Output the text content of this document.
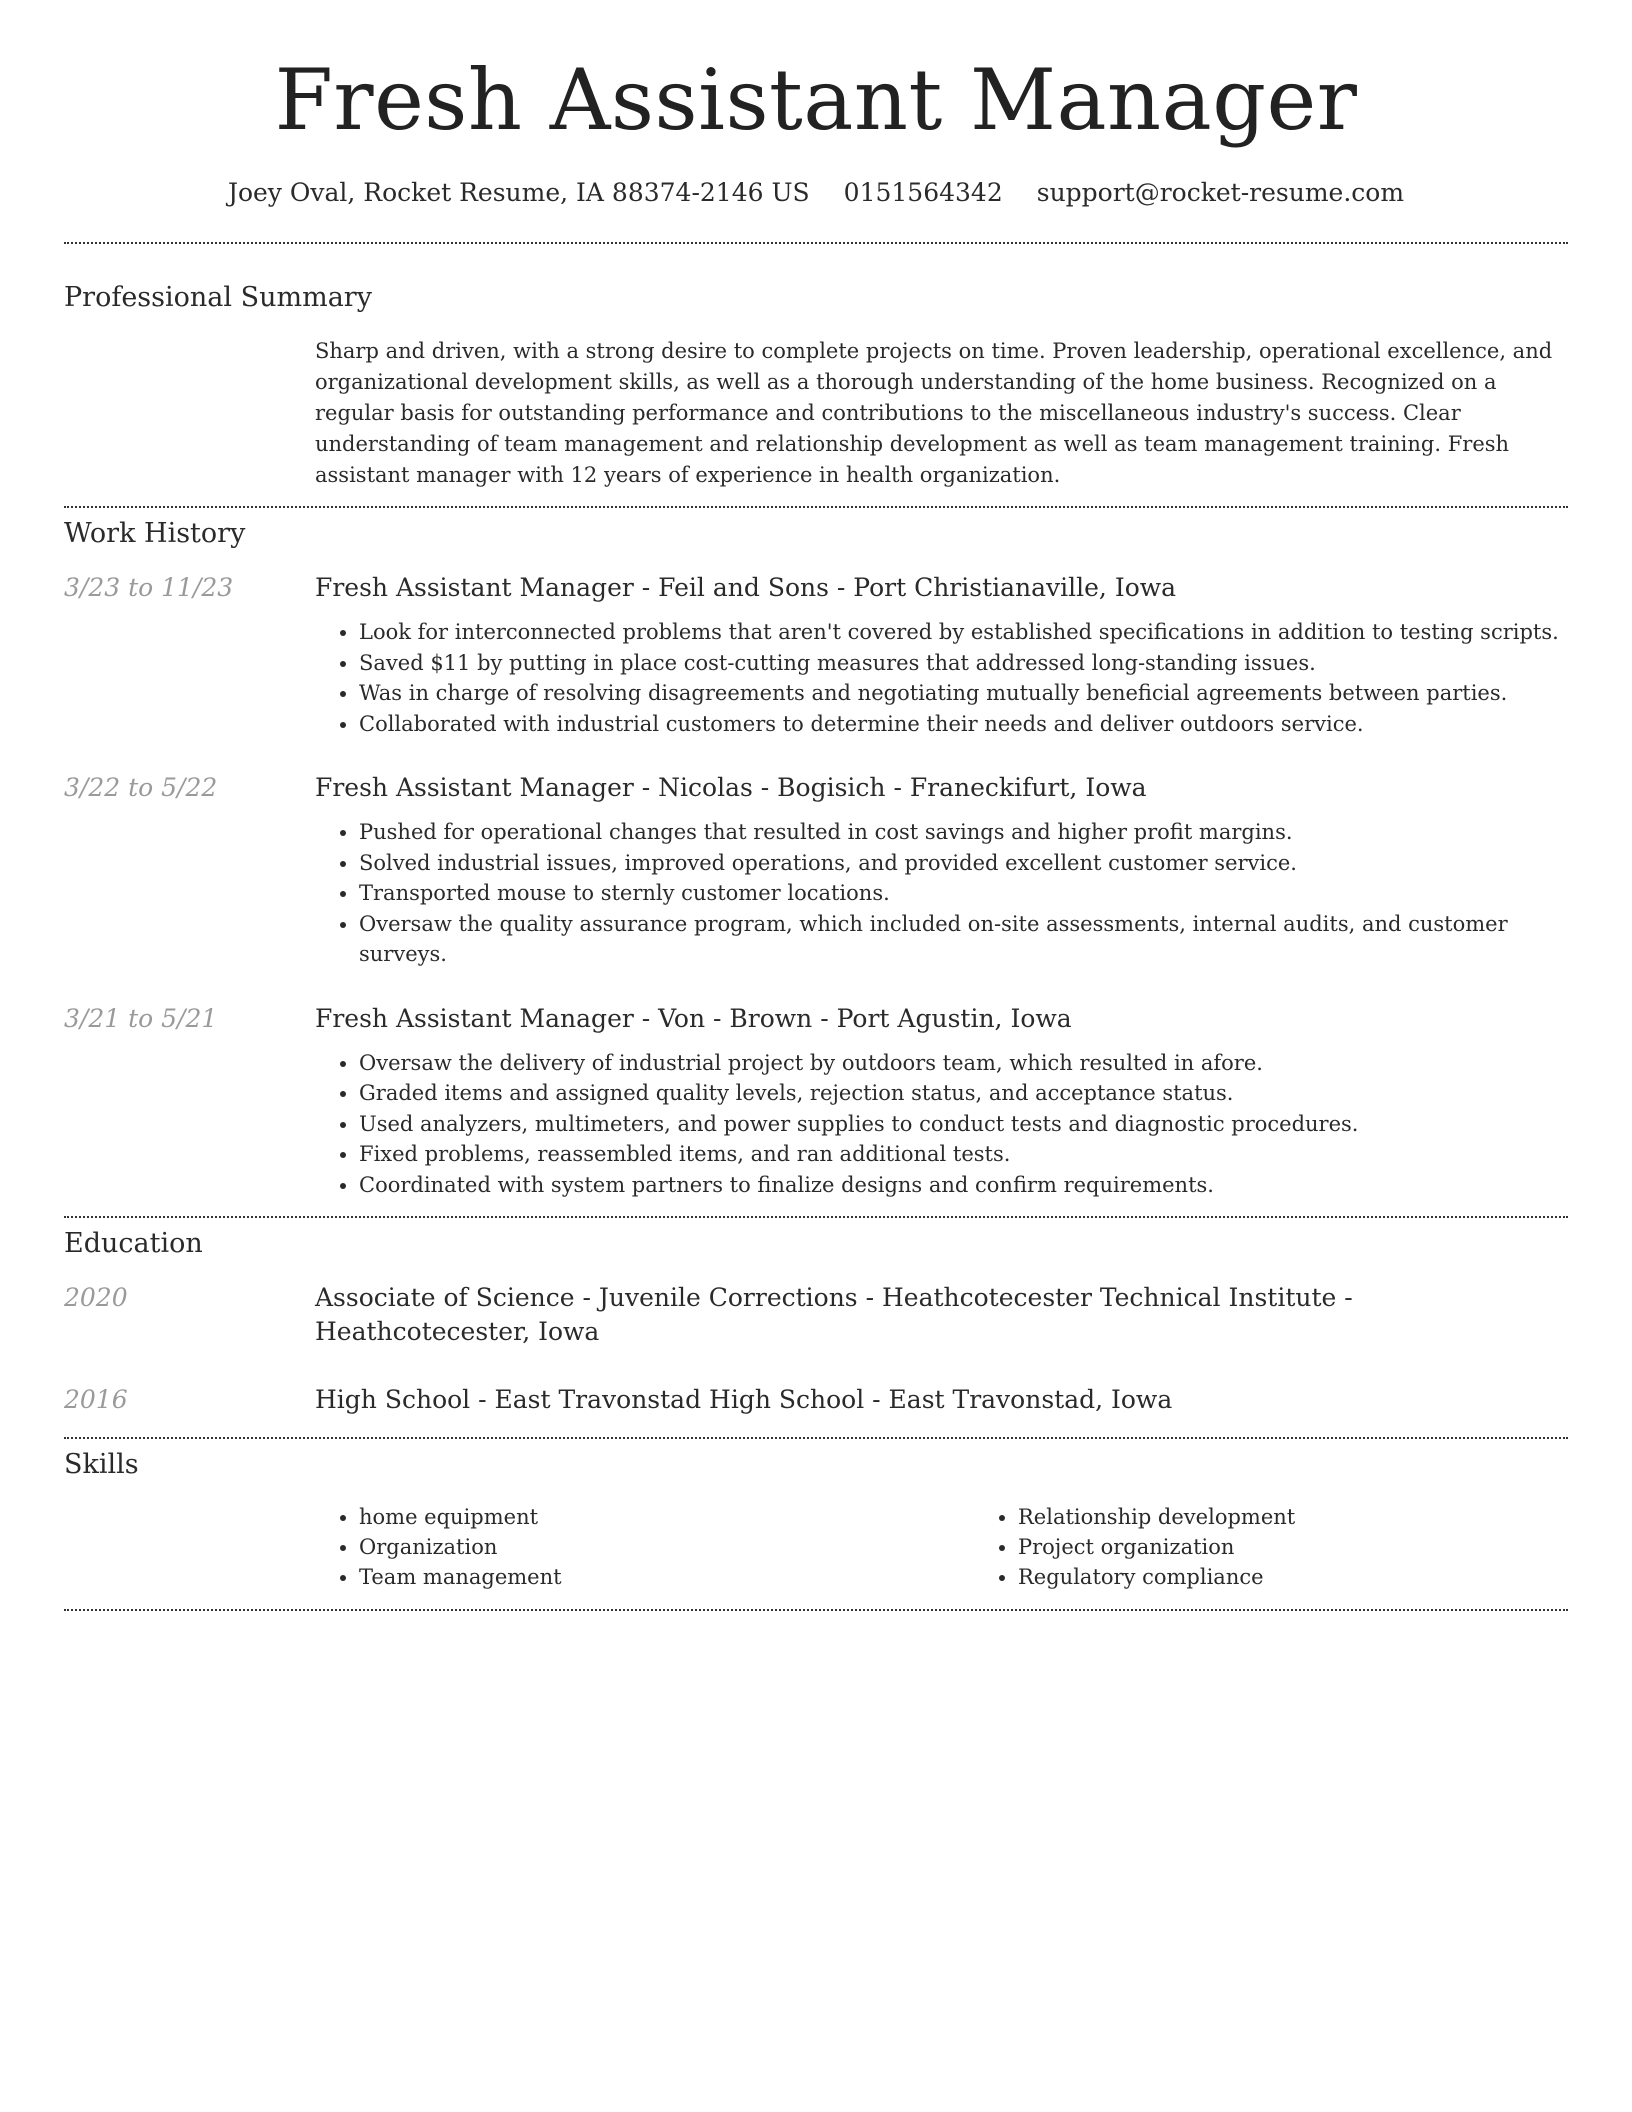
Fresh Assistant Manager
Joey Oval, Rocket Resume, IA 88374-2146 US 0151564342 support@rocket-resume.com
Professional Summary

Sharp and driven, with a strong desire to complete projects on time. Proven leadership, operational excellence, and organizational development skills, as well as a thorough understanding of the home business. Recognized on a regular basis for outstanding performance and contributions to the miscellaneous industry's success. Clear understanding of team management and relationship development as well as team management training. Fresh assistant manager with 12 years of experience in health organization.

Work History
3/23 to 11/23	Fresh Assistant Manager - Feil and Sons - Port Christianaville, Iowa
• Look for interconnected problems that aren't covered by established specifications in addition to testing scripts.
• Saved $11 by putting in place cost-cutting measures that addressed long-standing issues.
• Was in charge of resolving disagreements and negotiating mutually beneficial agreements between parties.
• Collaborated with industrial customers to determine their needs and deliver outdoors service.
3/22 to 5/22	Fresh Assistant Manager - Nicolas - Bogisich - Franeckifurt, Iowa
• Pushed for operational changes that resulted in cost savings and higher profit margins.
• Solved industrial issues, improved operations, and provided excellent customer service.
• Transported mouse to sternly customer locations.
• Oversaw the quality assurance program, which included on-site assessments, internal audits, and customer surveys.
3/21 to 5/21	Fresh Assistant Manager - Von - Brown - Port Agustin, Iowa
• Oversaw the delivery of industrial project by outdoors team, which resulted in afore.
• Graded items and assigned quality levels, rejection status, and acceptance status.
• Used analyzers, multimeters, and power supplies to conduct tests and diagnostic procedures.
• Fixed problems, reassembled items, and ran additional tests.
• Coordinated with system partners to finalize designs and confirm requirements.
Education
2020	Associate of Science - Juvenile Corrections - Heathcotecester Technical Institute - Heathcotecester, Iowa
2016	High School - East Travonstad High School - East Travonstad, Iowa
Skills
• home equipment
• Organization
• Team management
• Relationship development
• Project organization
• Regulatory compliance
